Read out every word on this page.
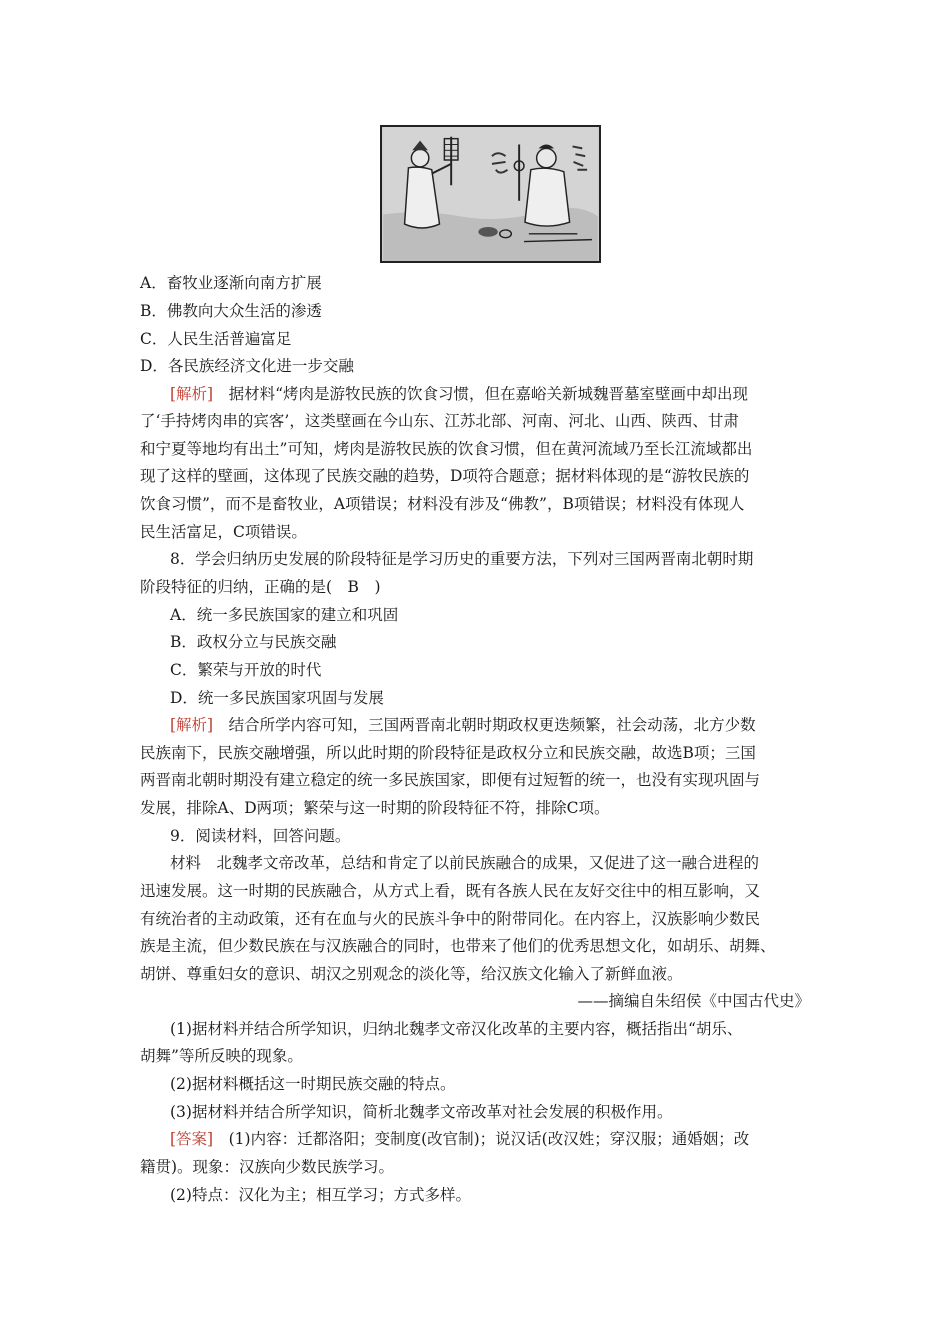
A．畜牧业逐渐向南方扩展
B．佛教向大众生活的渗透
C．人民生活普遍富足
D．各民族经济文化进一步交融
[解析]　 据材料“烤肉是游牧民族的饮食习惯，但在嘉峪关新城魏晋墓室壁画中却出现
了‘手持烤肉串的宾客’，这类壁画在今山东、江苏北部、河南、河北、山西、陕西、甘肃
和宁夏等地均有出土”可知，烤肉是游牧民族的饮食习惯，但在黄河流域乃至长江流域都出
现了这样的壁画，这体现了民族交融的趋势，D项符合题意；据材料体现的是“游牧民族的
饮食习惯”，而不是畜牧业，A项错误；材料没有涉及“佛教”，B项错误；材料没有体现人
民生活富足，C项错误。
8．学会归纳历史发展的阶段特征是学习历史的重要方法，下列对三国两晋南北朝时期
阶段特征的归纳，正确的是(　B　)
A．统一多民族国家的建立和巩固
B．政权分立与民族交融
C．繁荣与开放的时代
D．统一多民族国家巩固与发展
[解析]　 结合所学内容可知，三国两晋南北朝时期政权更迭频繁，社会动荡，北方少数
民族南下，民族交融增强，所以此时期的阶段特征是政权分立和民族交融，故选B项；三国
两晋南北朝时期没有建立稳定的统一多民族国家，即便有过短暂的统一，也没有实现巩固与
发展，排除A、D两项；繁荣与这一时期的阶段特征不符，排除C项。
9．阅读材料，回答问题。
材料　北魏孝文帝改革，总结和肯定了以前民族融合的成果，又促进了这一融合进程的
迅速发展。这一时期的民族融合，从方式上看，既有各族人民在友好交往中的相互影响，又
有统治者的主动政策，还有在血与火的民族斗争中的附带同化。在内容上，汉族影响少数民
族是主流，但少数民族在与汉族融合的同时，也带来了他们的优秀思想文化，如胡乐、胡舞、
胡饼、尊重妇女的意识、胡汉之别观念的淡化等，给汉族文化输入了新鲜血液。
——摘编自朱绍侯《中国古代史》
(1)据材料并结合所学知识，归纳北魏孝文帝汉化改革的主要内容，概括指出“胡乐、
胡舞”等所反映的现象。
(2)据材料概括这一时期民族交融的特点。
(3)据材料并结合所学知识，简析北魏孝文帝改革对社会发展的积极作用。
[答案]　 (1)内容：迁都洛阳；变制度(改官制)；说汉话(改汉姓；穿汉服；通婚姻；改
籍贯)。现象：汉族向少数民族学习。
(2)特点：汉化为主；相互学习；方式多样。
